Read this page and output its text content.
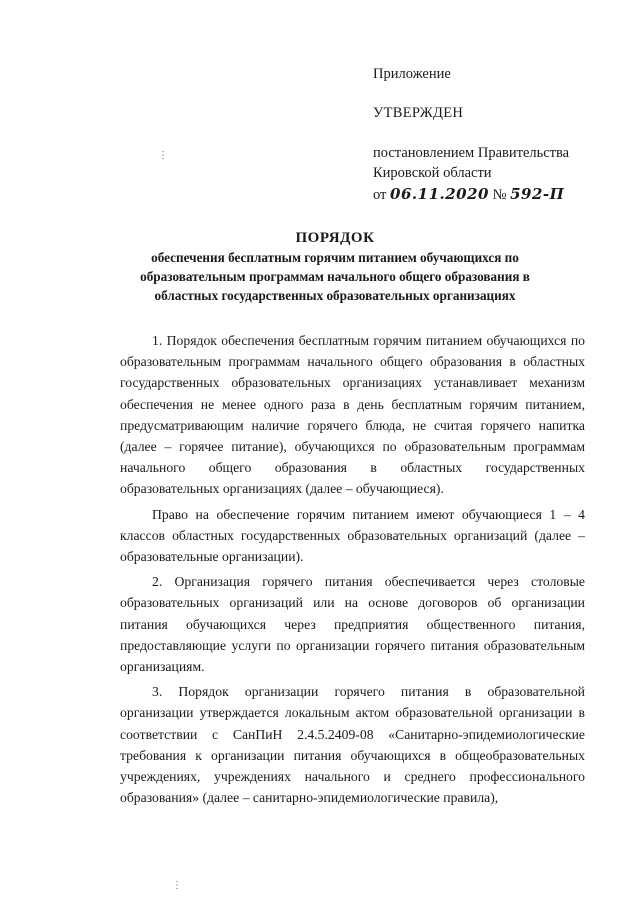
Приложение
УТВЕРЖДЕН
постановлением Правительства
Кировской области
от 06.11.2020 № 592-П
ПОРЯДОК
обеспечения бесплатным горячим питанием обучающихся по
образовательным программам начального общего образования в
областных государственных образовательных организациях

1. Порядок обеспечения бесплатным горячим питанием обучающихся по образовательным программам начального общего образования в областных государственных образовательных организациях устанавливает механизм обеспечения не менее одного раза в день бесплатным горячим питанием, предусматривающим наличие горячего блюда, не считая горячего напитка (далее – горячее питание), обучающихся по образовательным программам начального общего образования в областных государственных образовательных организациях (далее – обучающиеся).

Право на обеспечение горячим питанием имеют обучающиеся 1 – 4 классов областных государственных образовательных организаций (далее – образовательные организации).

2. Организация горячего питания обеспечивается через столовые образовательных организаций или на основе договоров об организации питания обучающихся через предприятия общественного питания, предоставляющие услуги по организации горячего питания образовательным организациям.

3. Порядок организации горячего питания в образовательной организации утверждается локальным актом образовательной организации в соответствии с СанПиН 2.4.5.2409-08 «Санитарно-эпидемиологические требования к организации питания обучающихся в общеобразовательных учреждениях, учреждениях начального и среднего профессионального образования» (далее – санитарно-эпидемиологические правила),

⋮
⋮
